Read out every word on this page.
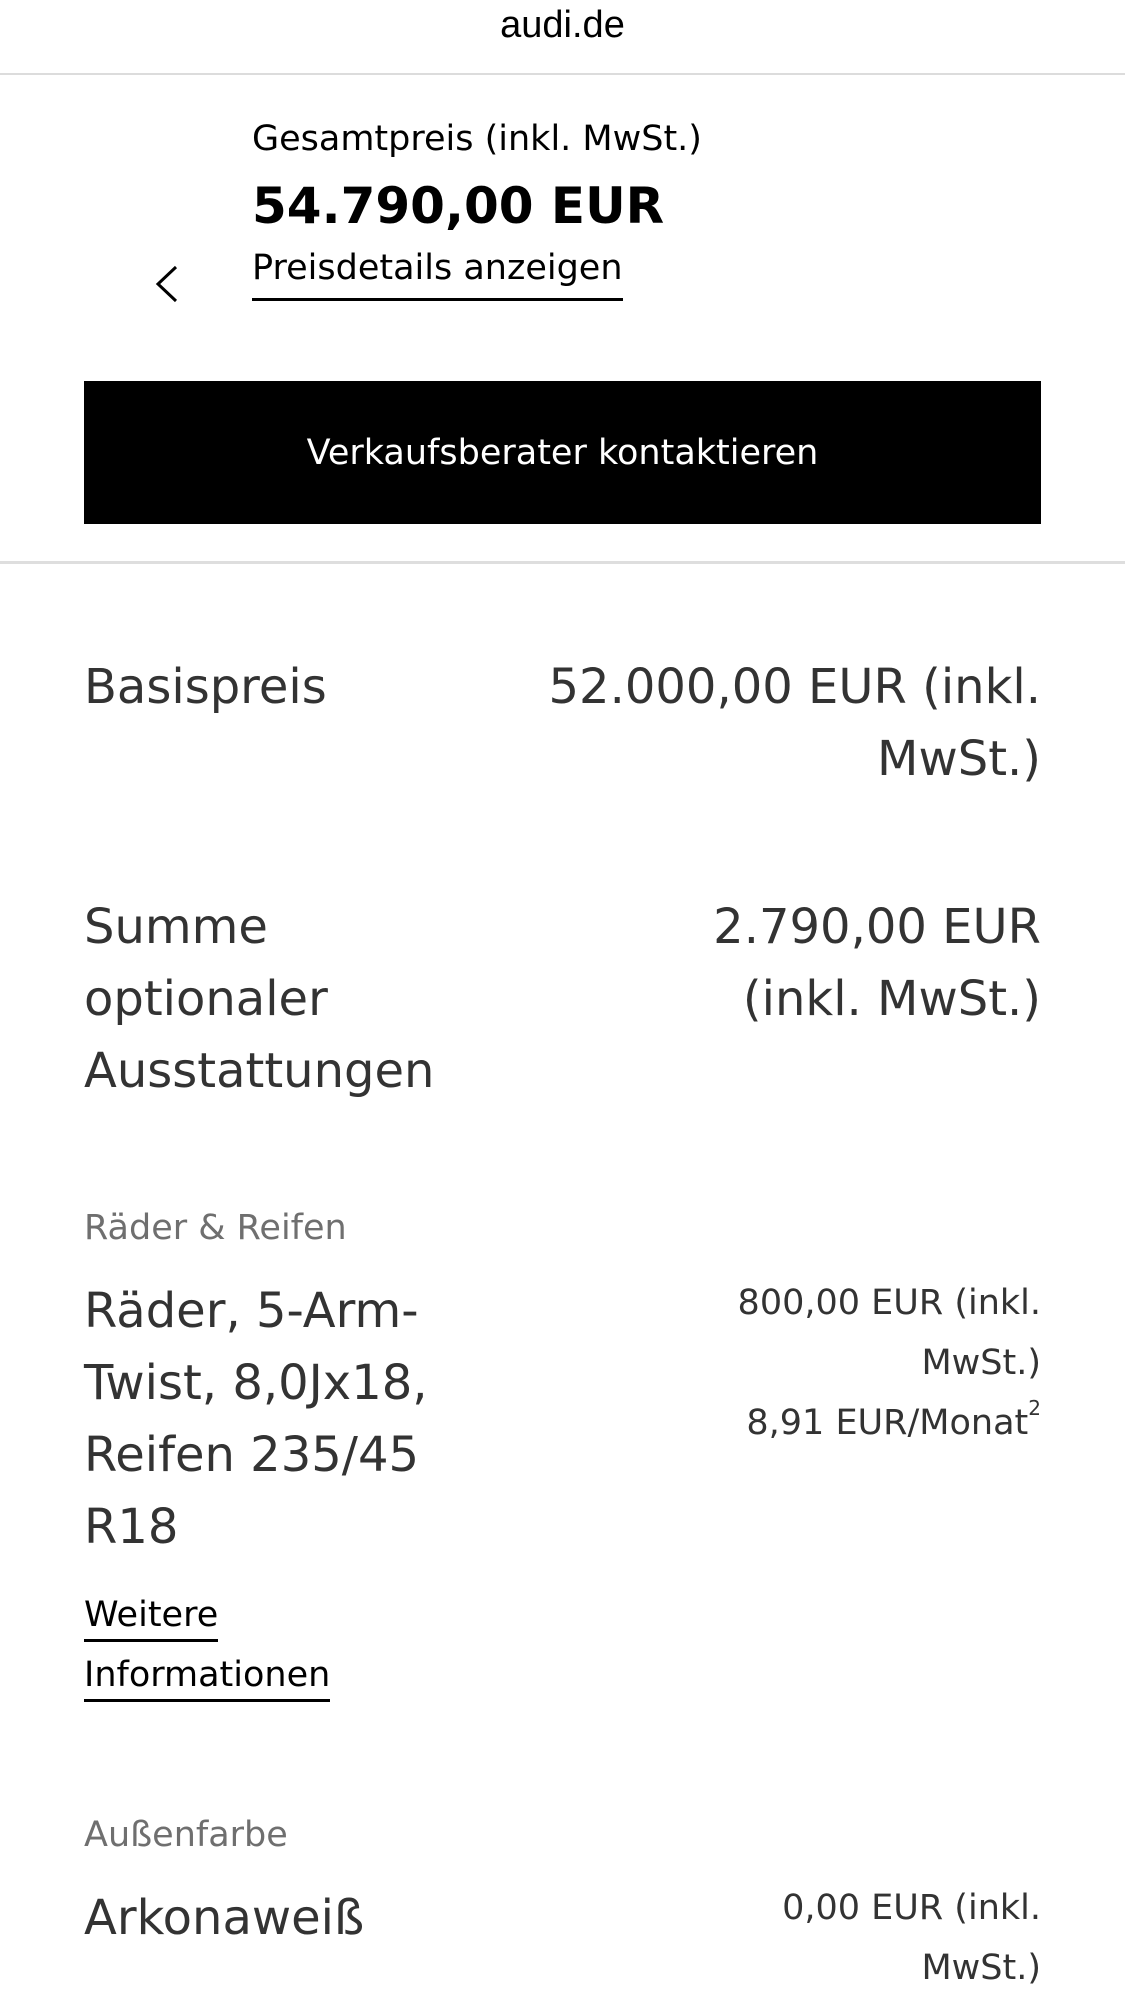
audi.de
Gesamtpreis (inkl. MwSt.)
54.790,00 EUR
Preisdetails anzeigen
Verkaufsberater kontaktieren
Basispreis	52.000,00 EUR (inkl.
MwSt.)
Summe
optionaler
Ausstattungen
2.790,00 EUR
(inkl. MwSt.)
Räder & Reifen
Räder, 5-Arm-
Twist, 8,0Jx18,
Reifen 235/45
R18
800,00 EUR (inkl.
MwSt.)
8,91 EUR/Monat$^2$
Weitere
Informationen
Außenfarbe
Arkonaweiß	0,00 EUR (inkl.
MwSt.)
